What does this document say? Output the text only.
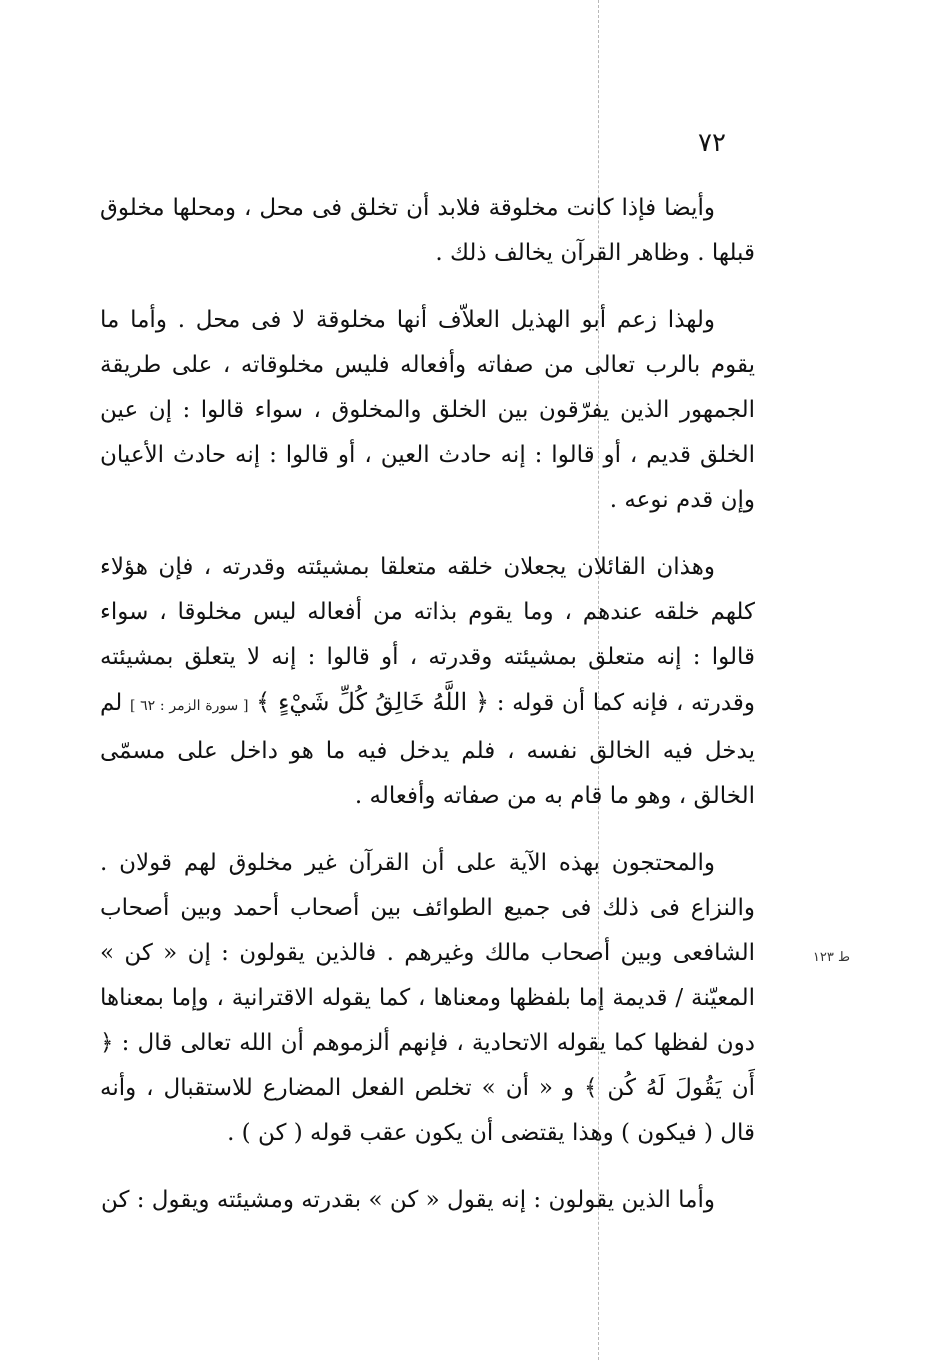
٧٢
ط ١٢٣

وأيضا فإذا كانت مخلوقة فلابد أن تخلق فى محل ، ومحلها مخلوق قبلها . وظاهر القرآن يخالف ذلك .

ولهذا زعم أبو الهذيل العلاّف أنها مخلوقة لا فى محل . وأما ما يقوم بالرب تعالى من صفاته وأفعاله فليس مخلوقاته ، على طريقة الجمهور الذين يفرّقون بين الخلق والمخلوق ، سواء قالوا : إن عين الخلق قديم ، أو قالوا : إنه حادث العين ، أو قالوا : إنه حادث الأعيان وإن قدم نوعه .

وهذان القائلان يجعلان خلقه متعلقا بمشيئته وقدرته ، فإن هؤلاء كلهم خلقه عندهم ، وما يقوم بذاته من أفعاله ليس مخلوقا ، سواء قالوا : إنه متعلق بمشيئته وقدرته ، أو قالوا : إنه لا يتعلق بمشيئته وقدرته ، فإنه كما أن قوله : ﴿ اللَّهُ خَالِقُ كُلِّ شَيْءٍ ﴾ [ سورة الزمر : ٦٢ ] لم يدخل فيه الخالق نفسه ، فلم يدخل فيه ما هو داخل على مسمّى الخالق ، وهو ما قام به من صفاته وأفعاله .

والمحتجون بهذه الآية على أن القرآن غير مخلوق لهم قولان . والنزاع فى ذلك فى جميع الطوائف بين أصحاب أحمد وبين أصحاب الشافعى وبين أصحاب مالك وغيرهم . فالذين يقولون : إن « كن » المعيّنة / قديمة إما بلفظها ومعناها ، كما يقوله الاقترانية ، وإما بمعناها دون لفظها كما يقوله الاتحادية ، فإنهم ألزموهم أن الله تعالى قال : ﴿ أَن يَقُولَ لَهُ كُن ﴾ و « أن » تخلص الفعل المضارع للاستقبال ، وأنه قال ( فيكون ) وهذا يقتضى أن يكون عقب قوله ( كن ) .

وأما الذين يقولون : إنه يقول « كن » بقدرته ومشيئته ويقول : كن
